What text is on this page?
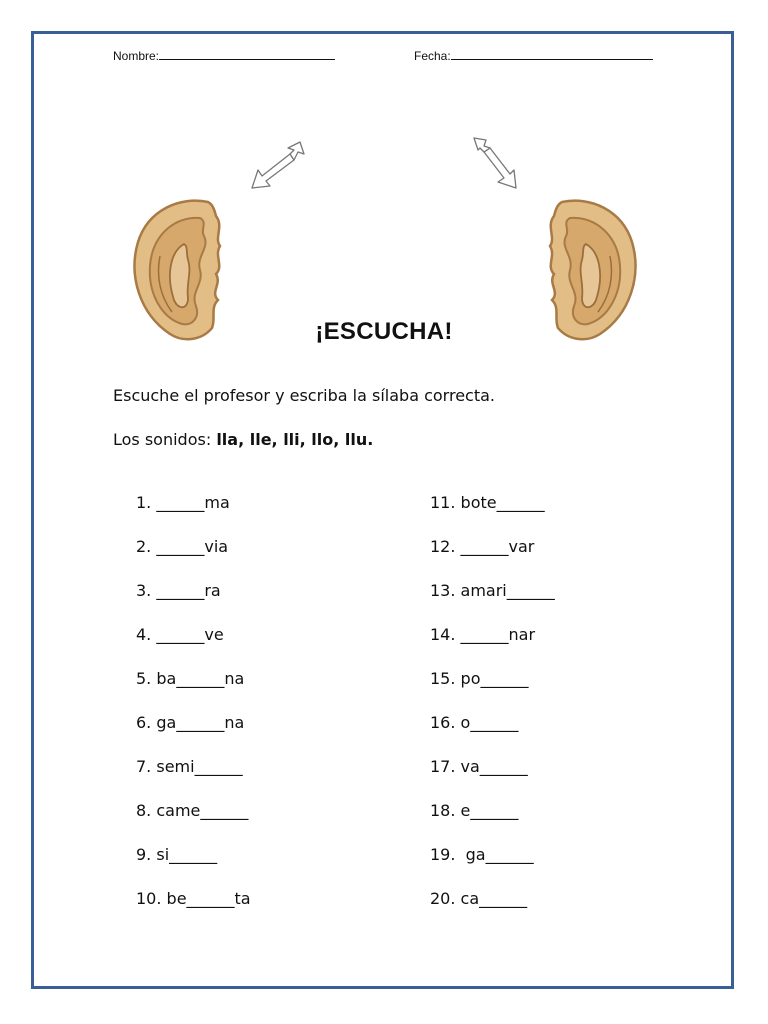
Nombre:	Fecha:
¡ESCUCHA!
Escuche el profesor y escriba la sílaba correcta.
Los sonidos: lla, lle, lli, llo, llu.
1. ______ma
2. ______via
3. ______ra
4. ______ve
5. ba______na
6. ga______na
7. semi______
8. came______
9. si______
10. be______ta
11. bote______
12. ______var
13. amari______
14. ______nar
15. po______
16. o______
17. va______
18. e______
19.  ga______
20. ca______
